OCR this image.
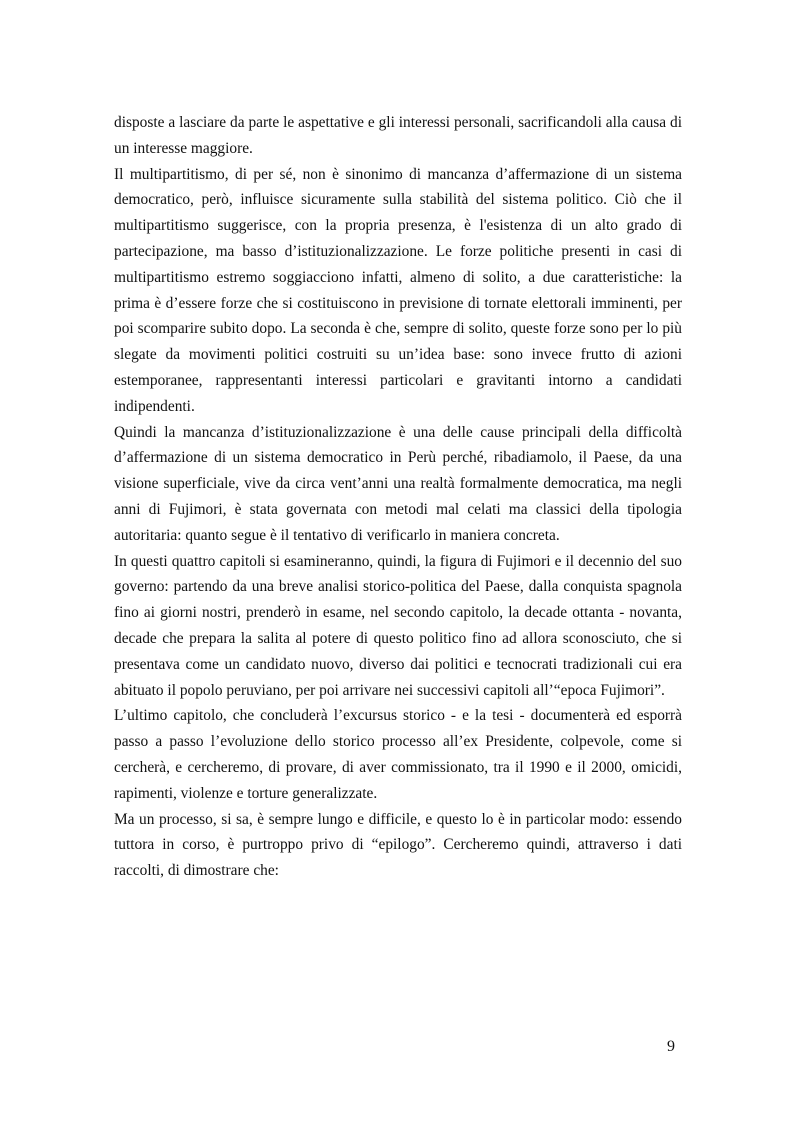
disposte a lasciare da parte le aspettative e gli interessi personali, sacrificandoli alla causa di un interesse maggiore.

Il multipartitismo, di per sé, non è sinonimo di mancanza d’affermazione di un sistema democratico, però, influisce sicuramente sulla stabilità del sistema politico. Ciò che il multipartitismo suggerisce, con la propria presenza, è l'esistenza di un alto grado di partecipazione, ma basso d’istituzionalizzazione. Le forze politiche presenti in casi di multipartitismo estremo soggiacciono infatti, almeno di solito, a due caratteristiche: la prima è d’essere forze che si costituiscono in previsione di tornate elettorali imminenti, per poi scomparire subito dopo. La seconda è che, sempre di solito, queste forze sono per lo più slegate da movimenti politici costruiti su un’idea base: sono invece frutto di azioni estemporanee, rappresentanti interessi particolari e gravitanti intorno a candidati indipendenti.

Quindi la mancanza d’istituzionalizzazione è una delle cause principali della difficoltà d’affermazione di un sistema democratico in Perù perché, ribadiamolo, il Paese, da una visione superficiale, vive da circa vent’anni una realtà formalmente democratica, ma negli anni di Fujimori, è stata governata con metodi mal celati ma classici della tipologia autoritaria: quanto segue è il tentativo di verificarlo in maniera concreta.

In questi quattro capitoli si esamineranno, quindi, la figura di Fujimori e il decennio del suo governo: partendo da una breve analisi storico-politica del Paese, dalla conquista spagnola fino ai giorni nostri, prenderò in esame, nel secondo capitolo, la decade ottanta - novanta, decade che prepara la salita al potere di questo politico fino ad allora sconosciuto, che si presentava come un candidato nuovo, diverso dai politici e tecnocrati tradizionali cui era abituato il popolo peruviano, per poi arrivare nei successivi capitoli all’“epoca Fujimori”.

L’ultimo capitolo, che concluderà l’excursus storico - e la tesi - documenterà ed esporrà passo a passo l’evoluzione dello storico processo all’ex Presidente, colpevole, come si cercherà, e cercheremo, di provare, di aver commissionato, tra il 1990 e il 2000, omicidi, rapimenti, violenze e torture generalizzate.

Ma un processo, si sa, è sempre lungo e difficile, e questo lo è in particolar modo: essendo tuttora in corso, è purtroppo privo di “epilogo”. Cercheremo quindi, attraverso i dati raccolti, di dimostrare che:

9
